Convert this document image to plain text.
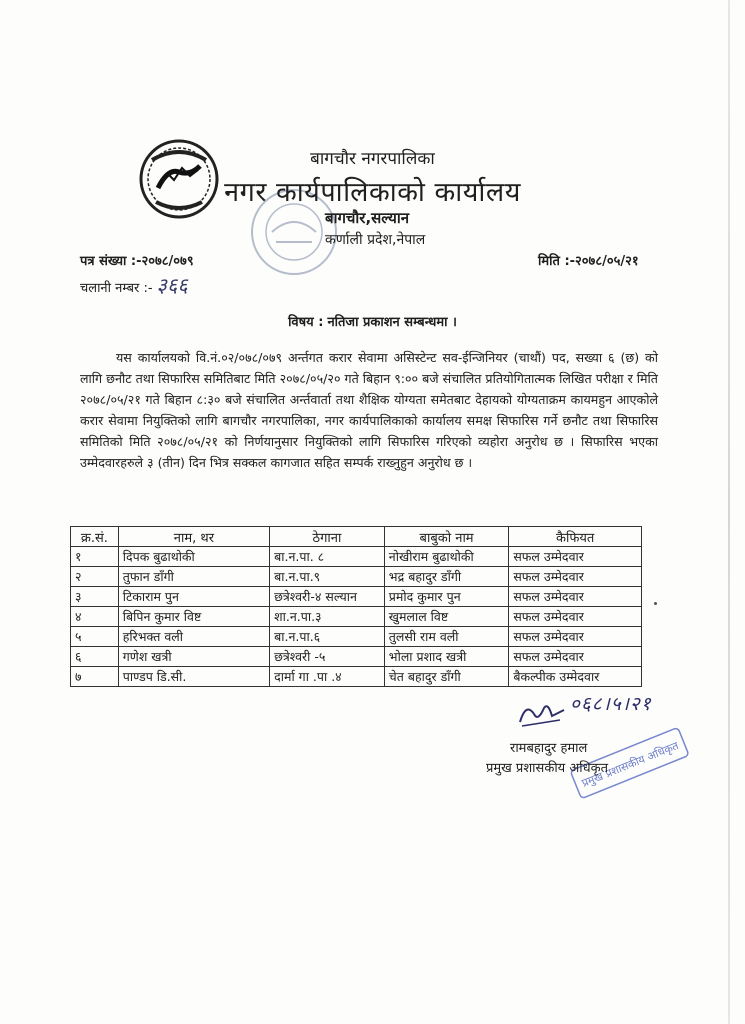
बागचौर नगरपालिका
नगर कार्यपालिकाको कार्यालय
बागचौर,सल्यान
कर्णाली प्रदेश,नेपाल
पत्र संख्या :-२०७८/०७९
चलानी नम्बर :- ३६६
मिति :-२०७८/०५/२१
विषय : नतिजा प्रकाशन सम्बन्धमा ।
यस कार्यालयको वि.नं.०२/०७८/०७९ अर्न्तगत करार सेवामा असिस्टेन्ट सव-ईन्जिनियर (चाथौं) पद, सख्या ६ (छ) को लागि छनौट तथा सिफारिस समितिबाट मिति २०७८/०५/२० गते बिहान ९:०० बजे संचालित प्रतियोगितात्मक लिखित परीक्षा र मिति २०७८/०५/२१ गते बिहान ८:३० बजे संचालित अर्न्तवार्ता तथा शैक्षिक योग्यता समेतबाट देहायको योग्यताक्रम कायमहुन आएकोले करार सेवामा नियुक्तिको लागि बागचौर नगरपालिका, नगर कार्यपालिकाको कार्यालय समक्ष सिफारिस गर्ने छनौट तथा सिफारिस समितिको मिति २०७८/०५/२१ को निर्णयानुसार नियुक्तिको लागि सिफारिस गरिएको व्यहोरा अनुरोध छ । सिफारिस भएका उम्मेदवारहरुले ३ (तीन) दिन भित्र सक्कल कागजात सहित सम्पर्क राख्नुहुन अनुरोध छ ।
क्र.सं.	नाम, थर	ठेगाना	बाबुको नाम	कैफियत
१	दिपक बुढाथोकी	बा.न.पा. ८	नोखीराम बुढाथोकी	सफल उम्मेदवार
२	तुफान डाँगी	बा.न.पा.९	भद्र बहादुर डाँगी	सफल उम्मेदवार
३	टिकाराम पुन	छत्रेश्वरी-४ सल्यान	प्रमोद कुमार पुन	सफल उम्मेदवार
४	बिपिन कुमार विष्ट	शा.न.पा.३	खुमलाल विष्ट	सफल उम्मेदवार
५	हरिभक्त वली	बा.न.पा.६	तुलसी राम वली	सफल उम्मेदवार
६	गणेश खत्री	छत्रेश्वरी -५	भोला प्रशाद खत्री	सफल उम्मेदवार
७	पाण्डप डि.सी.	दार्मा गा .पा .४	चेत बहादुर डाँगी	बैकल्पीक उम्मेदवार
०६८।५।२१
प्रमुख प्रशासकीय अधिकृत
रामबहादुर हमाल
प्रमुख प्रशासकीय अधिकृत
